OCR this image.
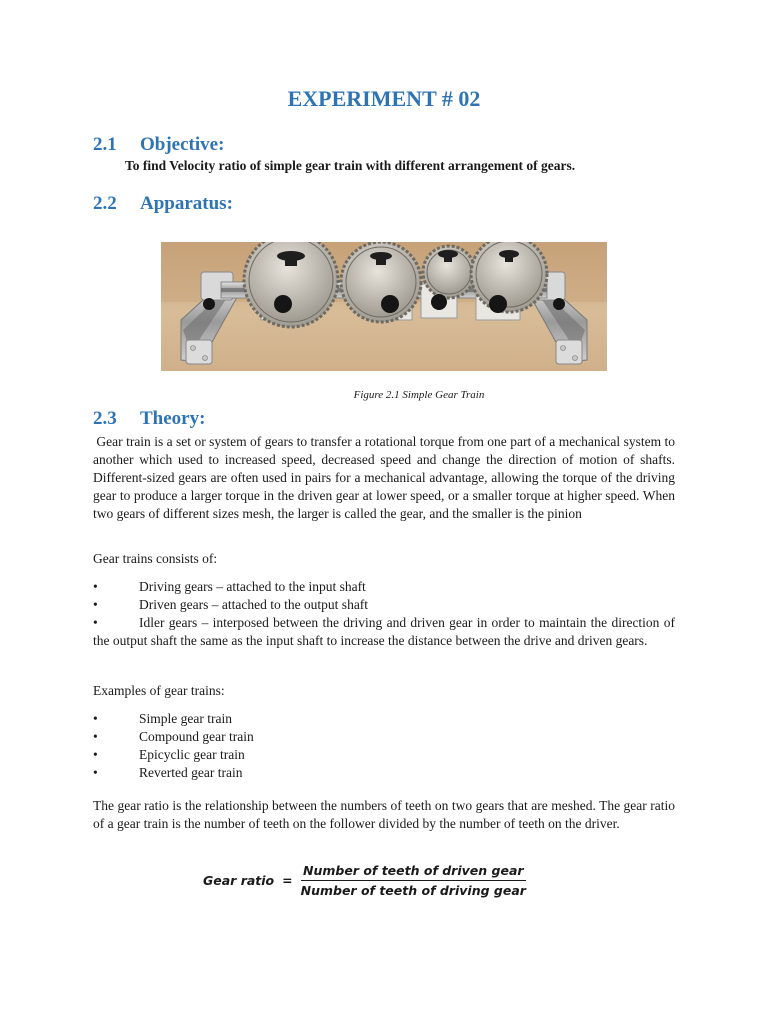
EXPERIMENT # 02
2.1 Objective:
To find Velocity ratio of simple gear train with different arrangement of gears.
2.2 Apparatus:
Figure 2.1 Simple Gear Train
2.3 Theory:

Gear train is a set or system of gears to transfer a rotational torque from one part of a mechanical system to another which used to increased speed, decreased speed and change the direction of motion of shafts. Different-sized gears are often used in pairs for a mechanical advantage, allowing the torque of the driving gear to produce a larger torque in the driven gear at lower speed, or a smaller torque at higher speed. When two gears of different sizes mesh, the larger is called the gear, and the smaller is the pinion

Gear trains consists of:
•	Driving gears – attached to the input shaft
•	Driven gears – attached to the output shaft
•	Idler gears – interposed between the driving and driven gear in order to maintain the direction of the output shaft the same as the input shaft to increase the distance between the drive and driven gears.
Examples of gear trains:
•	Simple gear train
•	Compound gear train
•	Epicyclic gear train
•	Reverted gear train
The gear ratio is the relationship between the numbers of teeth on two gears that are meshed. The gear ratio of a gear train is the number of teeth on the follower divided by the number of teeth on the driver.
Gear ratio = $\frac{\text{Number of teeth of driven gear}}{\text{Number of teeth of driving gear}}$
